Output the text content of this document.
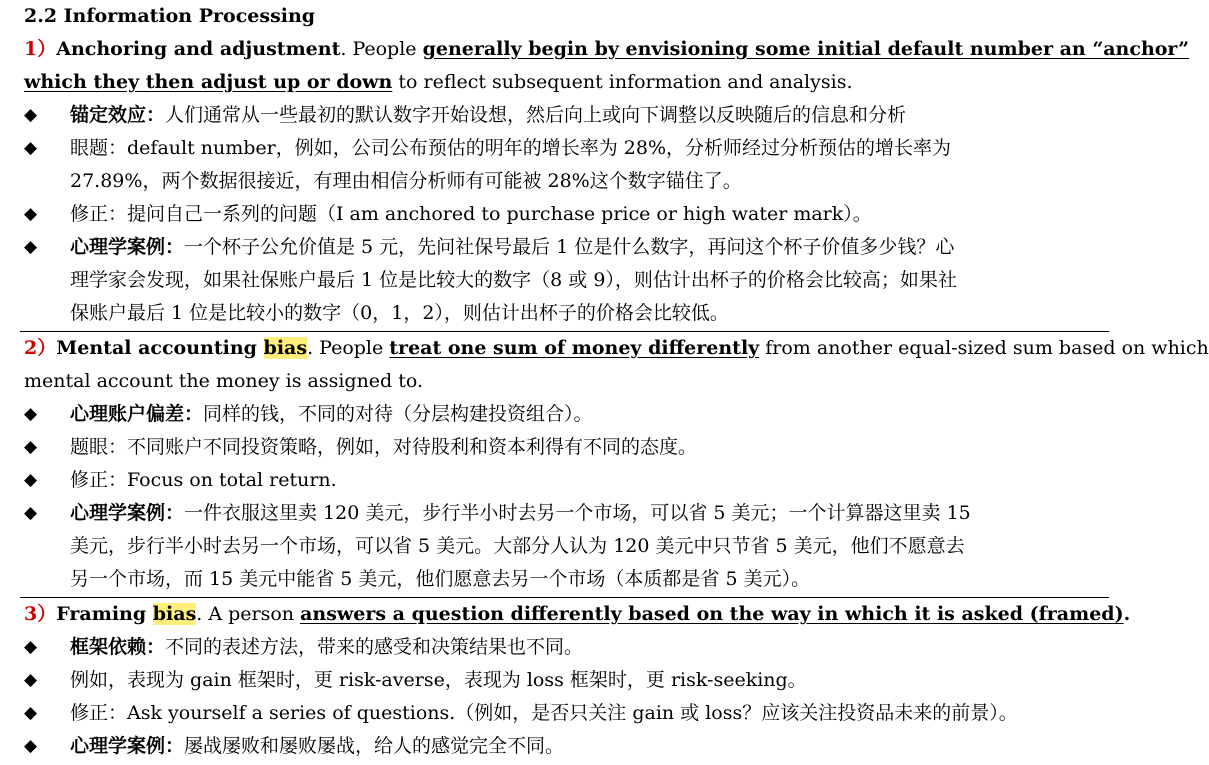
2.2 Information Processing
1）Anchoring and adjustment. People generally begin by envisioning some initial default number an “anchor”
which they then adjust up or down to reflect subsequent information and analysis.
◆	锚定效应：人们通常从一些最初的默认数字开始设想，然后向上或向下调整以反映随后的信息和分析
◆	眼题：default number，例如，公司公布预估的明年的增长率为 28%，分析师经过分析预估的增长率为
27.89%，两个数据很接近，有理由相信分析师有可能被 28%这个数字锚住了。
◆	修正：提问自己一系列的问题（I am anchored to purchase price or high water mark）。
◆	心理学案例：一个杯子公允价值是 5 元，先问社保号最后 1 位是什么数字，再问这个杯子价值多少钱？心
理学家会发现，如果社保账户最后 1 位是比较大的数字（8 或 9），则估计出杯子的价格会比较高；如果社
保账户最后 1 位是比较小的数字（0，1，2），则估计出杯子的价格会比较低。
2）Mental accounting bias. People treat one sum of money differently from another equal-sized sum based on which
mental account the money is assigned to.
◆	心理账户偏差：同样的钱，不同的对待（分层构建投资组合）。
◆	题眼：不同账户不同投资策略，例如，对待股利和资本利得有不同的态度。
◆	修正：Focus on total return.
◆	心理学案例：一件衣服这里卖 120 美元，步行半小时去另一个市场，可以省 5 美元；一个计算器这里卖 15
美元，步行半小时去另一个市场，可以省 5 美元。大部分人认为 120 美元中只节省 5 美元，他们不愿意去
另一个市场，而 15 美元中能省 5 美元，他们愿意去另一个市场（本质都是省 5 美元）。
3）Framing bias. A person answers a question differently based on the way in which it is asked (framed).
◆	框架依赖：不同的表述方法，带来的感受和决策结果也不同。
◆	例如，表现为 gain 框架时，更 risk-averse，表现为 loss 框架时，更 risk-seeking。
◆	修正：Ask yourself a series of questions.（例如，是否只关注 gain 或 loss？应该关注投资品未来的前景）。
◆	心理学案例：屡战屡败和屡败屡战，给人的感觉完全不同。
